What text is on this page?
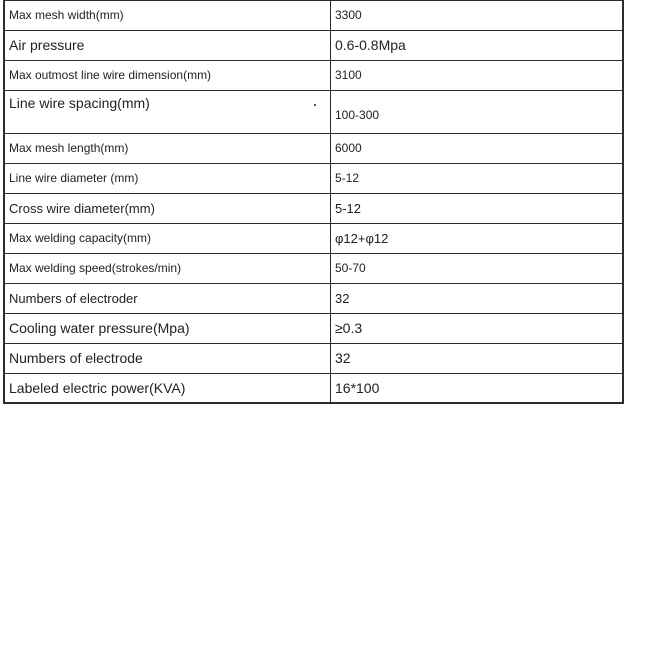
Max mesh width(mm)	3300
Air pressure	0.6-0.8Mpa
Max outmost line wire dimension(mm)	3100
Line wire spacing(mm)	100-300
Max mesh length(mm)	6000
Line wire diameter (mm)	5-12
Cross wire diameter(mm)	5-12
Max welding capacity(mm)	φ12+φ12
Max welding speed(strokes/min)	50-70
Numbers of electroder	32
Cooling water pressure(Mpa)	≥0.3
Numbers of electrode	32
Labeled electric power(KVA)	16*100
